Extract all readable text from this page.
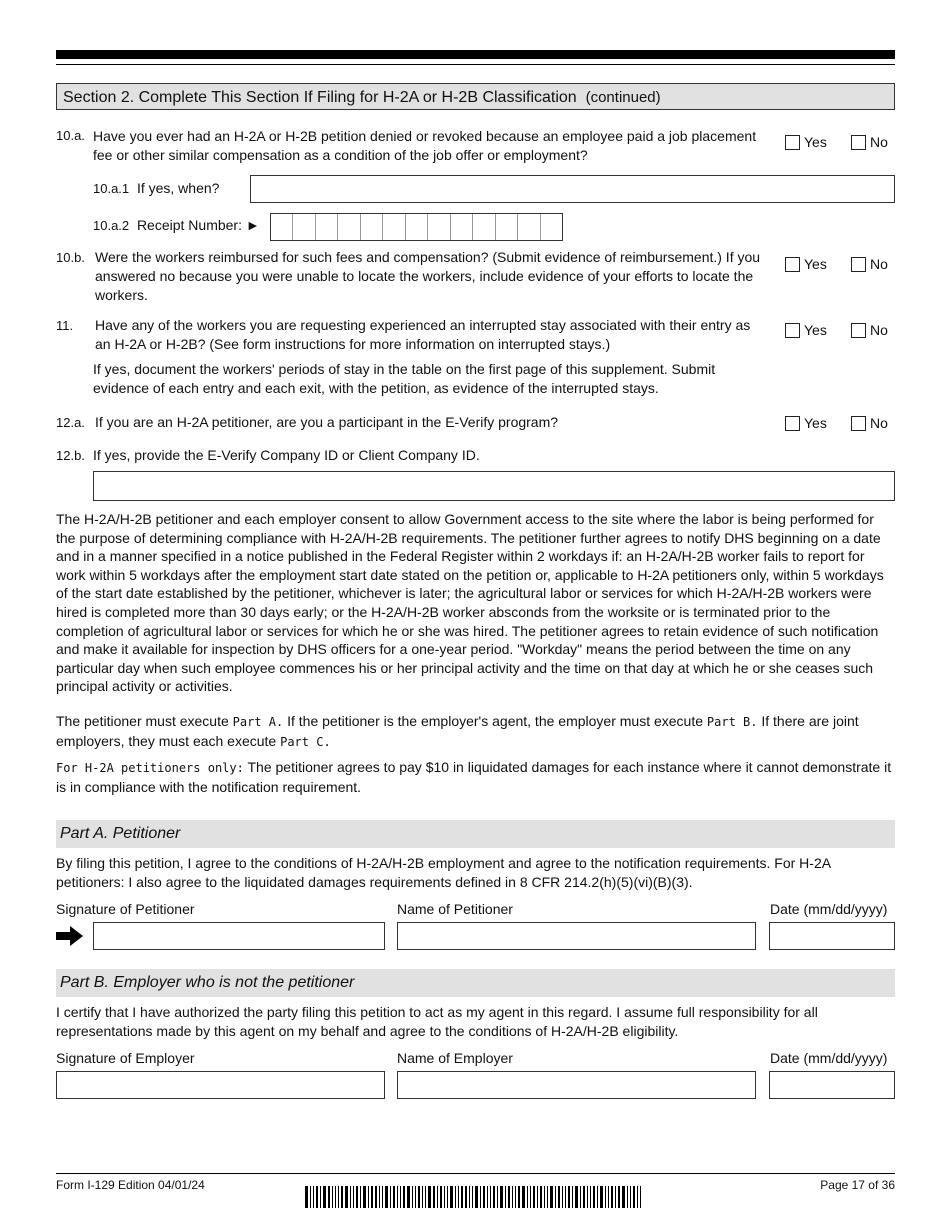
Section 2. Complete This Section If Filing for H-2A or H-2B Classification (continued)
10.a. Have you ever had an H-2A or H-2B petition denied or revoked because an employee paid a job placement fee or other similar compensation as a condition of the job offer or employment?
Yes	No
10.a.1 If yes, when?
10.a.2 Receipt Number: ►
10.b. Were the workers reimbursed for such fees and compensation? (Submit evidence of reimbursement.) If you answered no because you were unable to locate the workers, include evidence of your efforts to locate the workers.
Yes	No
11. Have any of the workers you are requesting experienced an interrupted stay associated with their entry as an H-2A or H-2B? (See form instructions for more information on interrupted stays.)
Yes	No
If yes, document the workers' periods of stay in the table on the first page of this supplement. Submit evidence of each entry and each exit, with the petition, as evidence of the interrupted stays.
12.a. If you are an H-2A petitioner, are you a participant in the E-Verify program?	Yes	No
12.b. If yes, provide the E-Verify Company ID or Client Company ID.
The H-2A/H-2B petitioner and each employer consent to allow Government access to the site where the labor is being performed for the purpose of determining compliance with H-2A/H-2B requirements. The petitioner further agrees to notify DHS beginning on a date and in a manner specified in a notice published in the Federal Register within 2 workdays if: an H-2A/H-2B worker fails to report for work within 5 workdays after the employment start date stated on the petition or, applicable to H-2A petitioners only, within 5 workdays of the start date established by the petitioner, whichever is later; the agricultural labor or services for which H-2A/H-2B workers were hired is completed more than 30 days early; or the H-2A/H-2B worker absconds from the worksite or is terminated prior to the completion of agricultural labor or services for which he or she was hired. The petitioner agrees to retain evidence of such notification and make it available for inspection by DHS officers for a one-year period. "Workday" means the period between the time on any particular day when such employee commences his or her principal activity and the time on that day at which he or she ceases such principal activity or activities.
The petitioner must execute Part A. If the petitioner is the employer's agent, the employer must execute Part B. If there are joint employers, they must each execute Part C.
For H-2A petitioners only: The petitioner agrees to pay $10 in liquidated damages for each instance where it cannot demonstrate it is in compliance with the notification requirement.
Part A. Petitioner
By filing this petition, I agree to the conditions of H-2A/H-2B employment and agree to the notification requirements. For H-2A petitioners: I also agree to the liquidated damages requirements defined in 8 CFR 214.2(h)(5)(vi)(B)(3).
Signature of Petitioner	Name of Petitioner	Date (mm/dd/yyyy)
Part B. Employer who is not the petitioner
I certify that I have authorized the party filing this petition to act as my agent in this regard. I assume full responsibility for all representations made by this agent on my behalf and agree to the conditions of H-2A/H-2B eligibility.
Signature of Employer	Name of Employer	Date (mm/dd/yyyy)
Form I-129 Edition 04/01/24	Page 17 of 36
